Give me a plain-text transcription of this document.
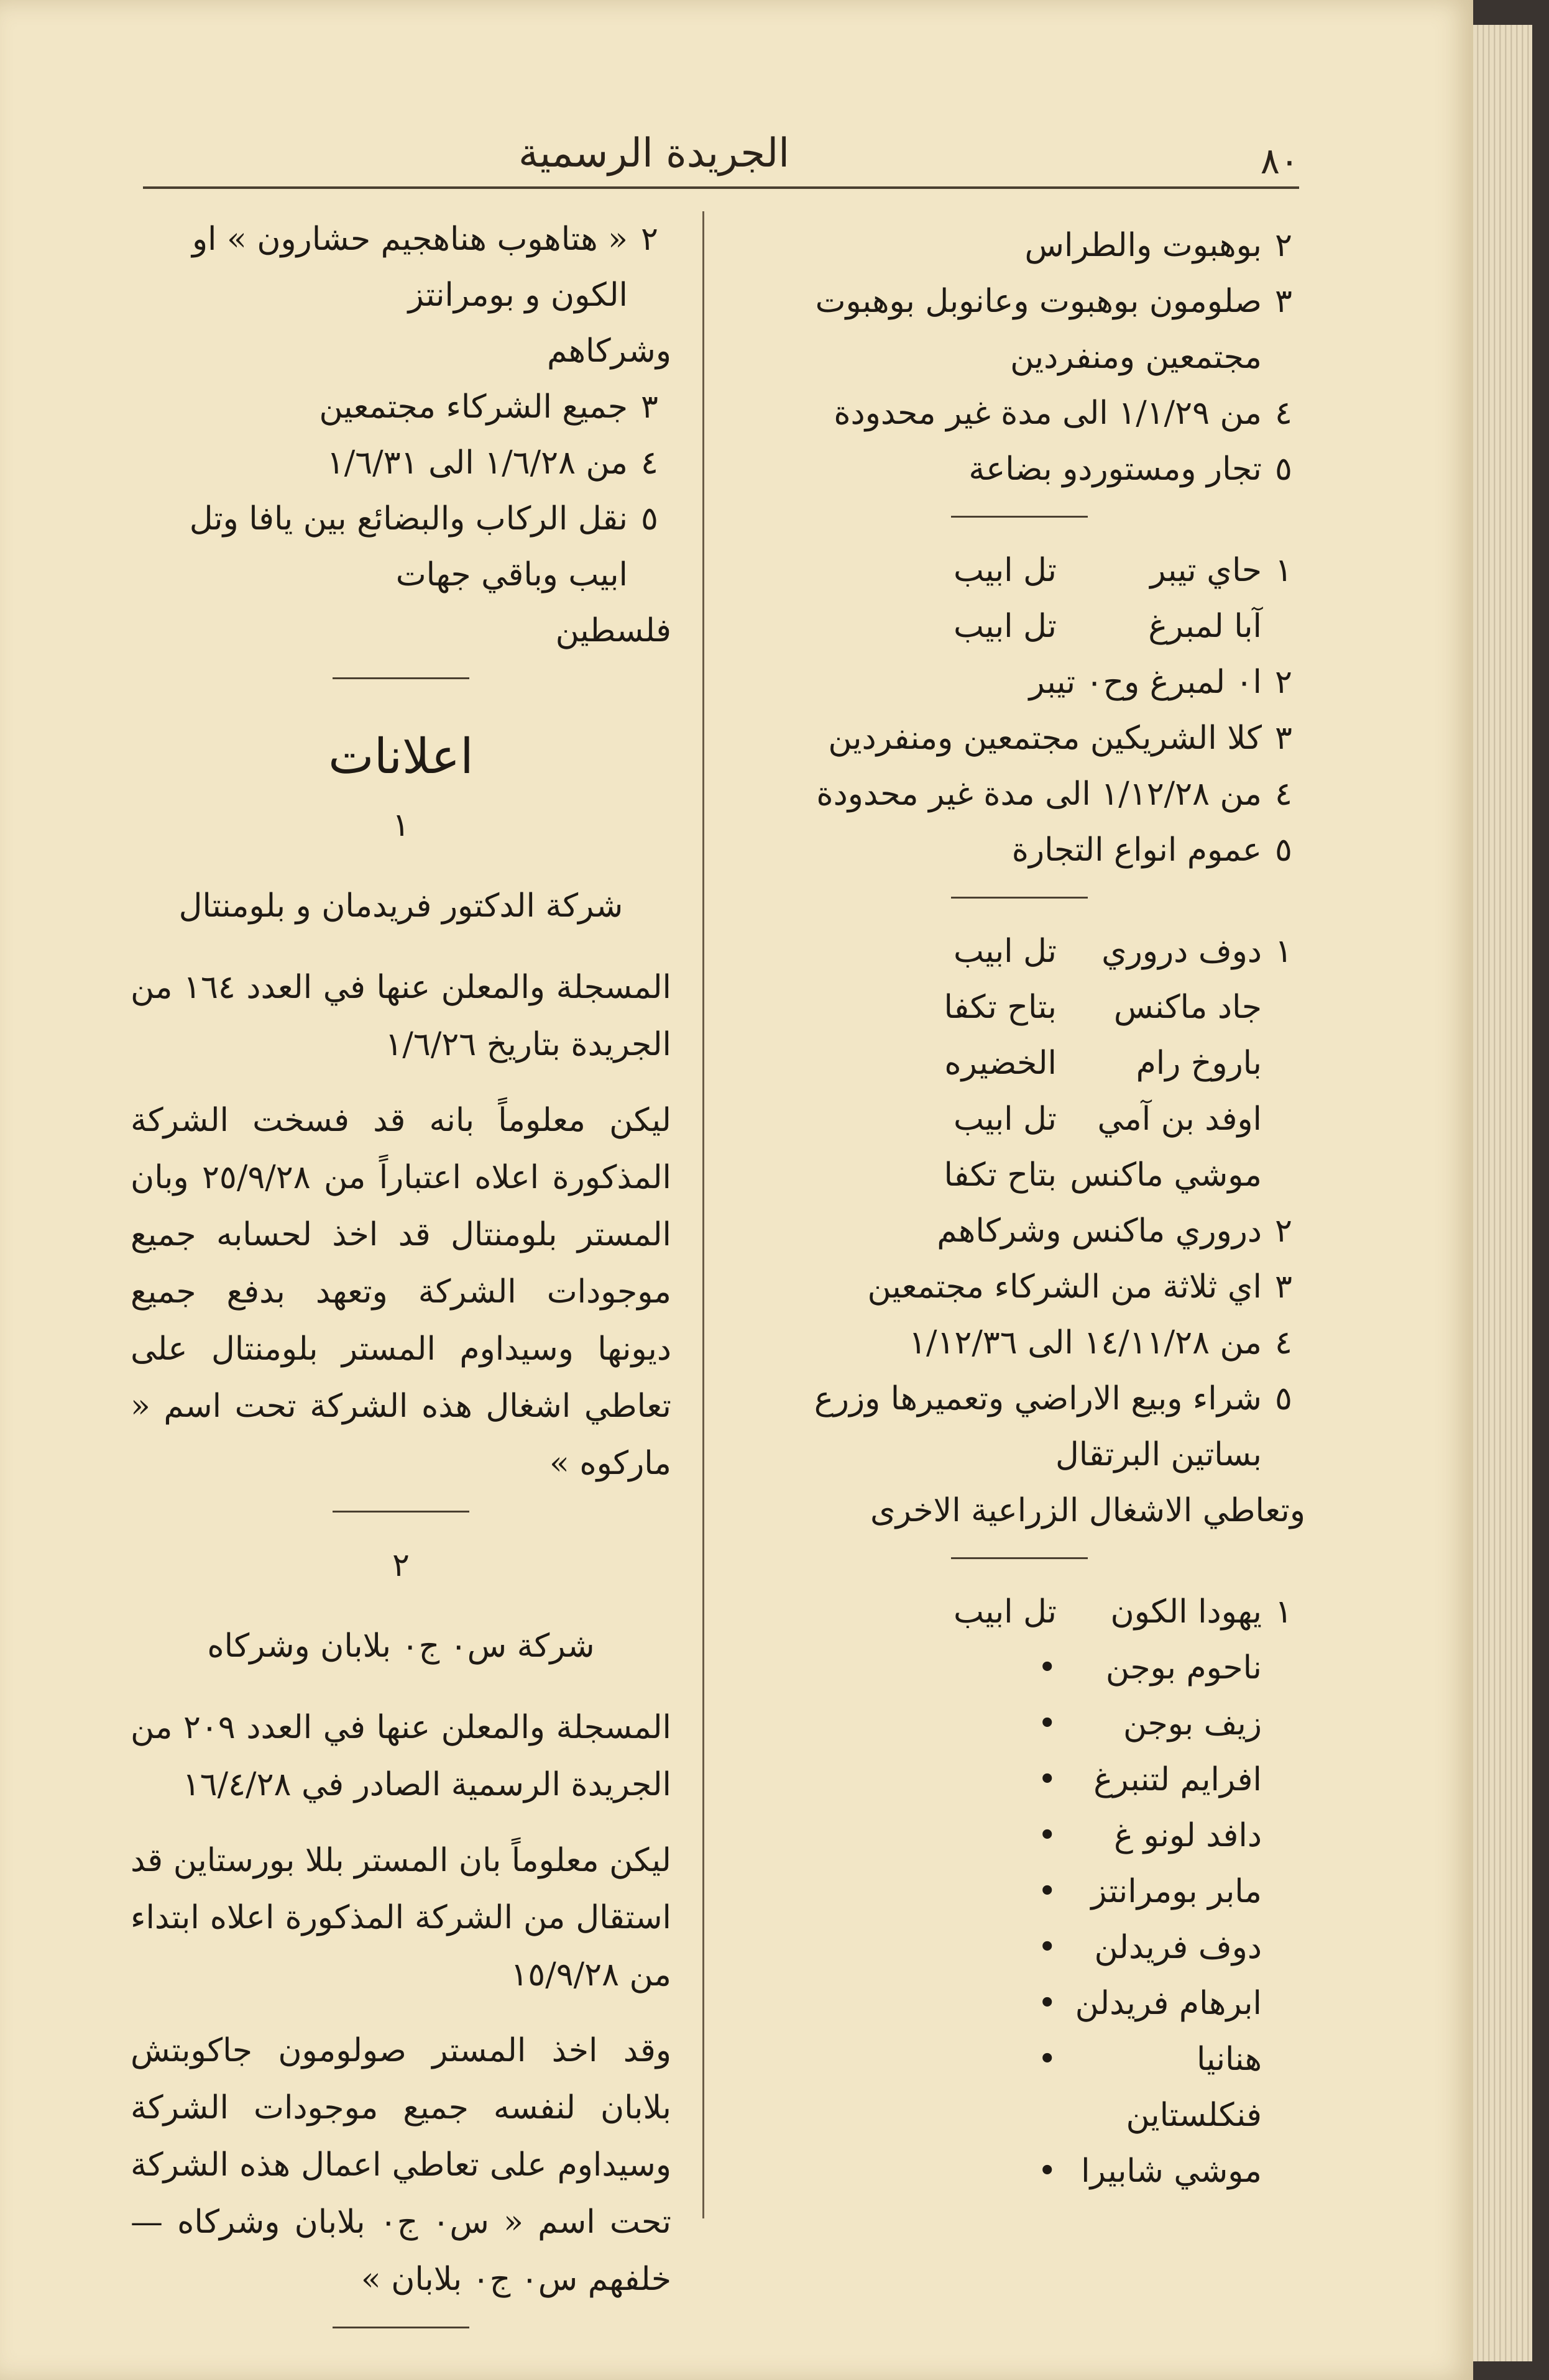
٨٠
الجريدة الرسمية
٢
بوهبوت والطراس
٣
صلومون بوهبوت وعانوبل بوهبوت مجتمعين ومنفردين
٤
من ١/١/٢٩ الى مدة غير محدودة
٥
تجار ومستوردو بضاعة
١
حاي تيبر
تل ابيب
آبا لمبرغ
تل ابيب
٢
ا٠ لمبرغ وح٠ تيبر
٣
كلا الشريكين مجتمعين ومنفردين
٤
من ١/١٢/٢٨ الى مدة غير محدودة
٥
عموم انواع التجارة
١
دوف دروري
تل ابيب
جاد ماكنس
بتاح تكفا
باروخ رام
الخضيره
اوفد بن آمي
تل ابيب
موشي ماكنس
بتاح تكفا
٢
دروري ماكنس وشركاهم
٣
اي ثلاثة من الشركاء مجتمعين
٤
من ١٤/١١/٢٨ الى ١/١٢/٣٦
٥
شراء وبيع الاراضي وتعميرها وزرع بساتين البرتقال
وتعاطي الاشغال الزراعية الاخرى
١
يهودا الكون
تل ابيب
ناحوم بوجن
•
زيف بوجن
•
افرايم لتنبرغ
•
دافد لونو غ
•
مابر بومرانتز
•
دوف فريدلن
•
ابرهام فريدلن
•
هنانيا فنكلستاين
•
موشي شابيرا
•
٢
« هتاهوب هناهجيم حشارون » او الكون و بومرانتز
وشركاهم
٣
جميع الشركاء مجتمعين
٤
من ١/٦/٢٨ الى ١/٦/٣١
٥
نقل الركاب والبضائع بين يافا وتل ابيب وباقي جهات
فلسطين
اعلانات
١
شركة الدكتور فريدمان و بلومنتال

المسجلة والمعلن عنها في العدد ١٦٤ من الجريدة بتاريخ ١/٦/٢٦

ليكن معلوماً بانه قد فسخت الشركة المذكورة اعلاه اعتباراً من ٢٥/٩/٢٨ وبان المستر بلومنتال قد اخذ لحسابه جميع موجودات الشركة وتعهد بدفع جميع ديونها وسيداوم المستر بلومنتال على تعاطي اشغال هذه الشركة تحت اسم « ماركوه »

٢
شركة س٠ ج٠ بلابان وشركاه

المسجلة والمعلن عنها في العدد ٢٠٩ من الجريدة الرسمية الصادر في ١٦/٤/٢٨

ليكن معلوماً بان المستر بللا بورستاين قد استقال من الشركة المذكورة اعلاه ابتداء من ١٥/٩/٢٨

وقد اخذ المستر صولومون جاكوبتش بلابان لنفسه جميع موجودات الشركة وسيداوم على تعاطي اعمال هذه الشركة تحت اسم « س٠ ج٠ بلابان وشركاه — خلفهم س٠ ج٠ بلابان »
